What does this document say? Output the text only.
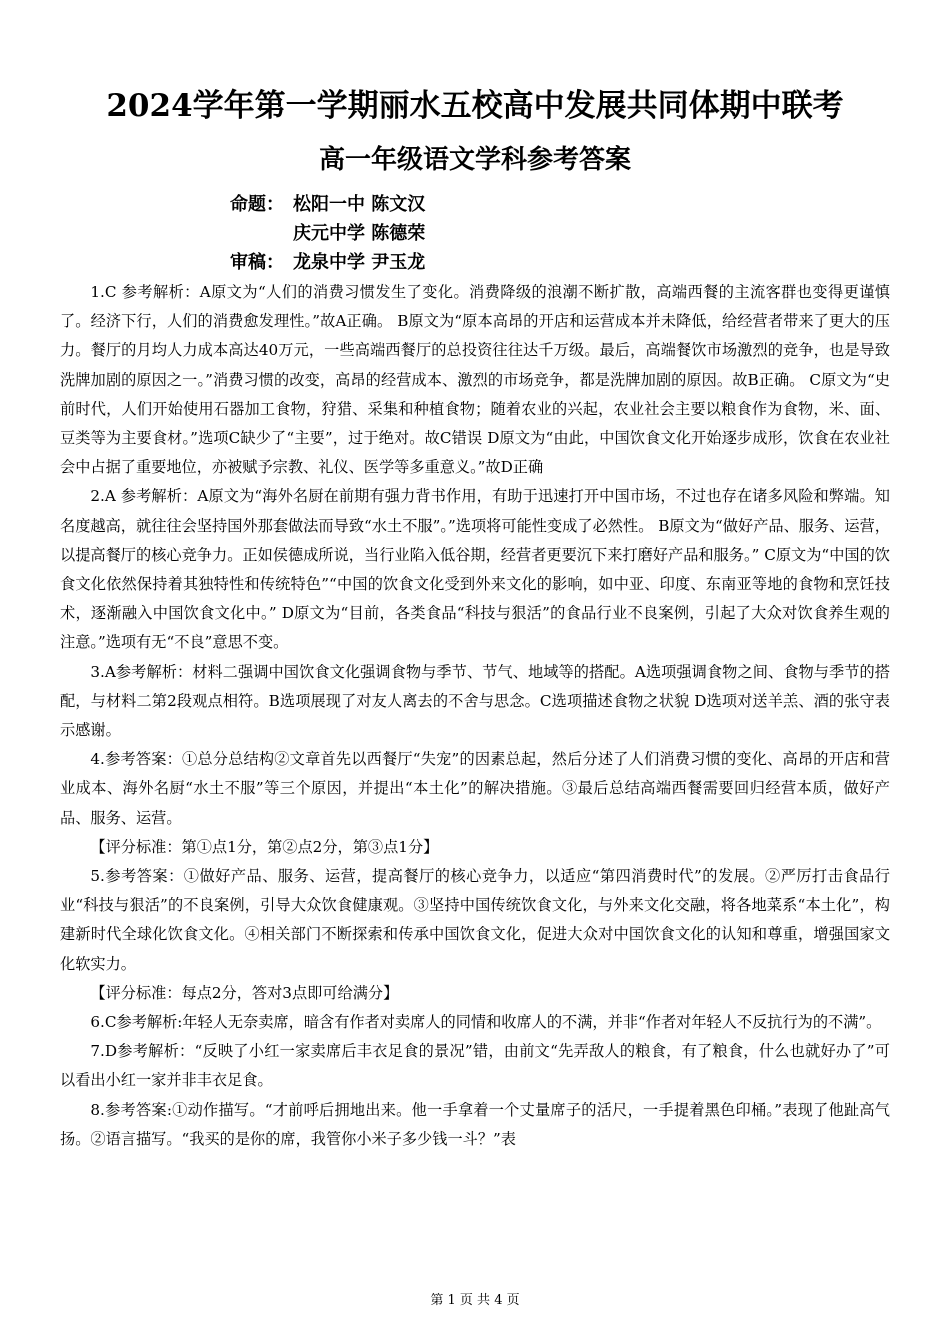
2024学年第一学期丽水五校高中发展共同体期中联考
高一年级语文学科参考答案
命题： 松阳一中 陈文汉
庆元中学 陈德荣
审稿： 龙泉中学 尹玉龙

1.C 参考解析：A原文为“人们的消费习惯发生了变化。消费降级的浪潮不断扩散，高端西餐的主流客群也变得更谨慎了。经济下行，人们的消费愈发理性。”故A正确。 B原文为“原本高昂的开店和运营成本并未降低，给经营者带来了更大的压力。餐厅的月均人力成本高达40万元，一些高端西餐厅的总投资往往达千万级。最后，高端餐饮市场激烈的竞争，也是导致洗牌加剧的原因之一。”消费习惯的改变，高昂的经营成本、激烈的市场竞争，都是洗牌加剧的原因。故B正确。 C原文为“史前时代，人们开始使用石器加工食物，狩猎、采集和种植食物；随着农业的兴起，农业社会主要以粮食作为食物，米、面、豆类等为主要食材。”选项C缺少了“主要”，过于绝对。故C错误 D原文为“由此，中国饮食文化开始逐步成形，饮食在农业社会中占据了重要地位，亦被赋予宗教、礼仪、医学等多重意义。”故D正确

2.A 参考解析：A原文为“海外名厨在前期有强力背书作用，有助于迅速打开中国市场，不过也存在诸多风险和弊端。知名度越高，就往往会坚持国外那套做法而导致“水土不服”。”选项将可能性变成了必然性。 B原文为“做好产品、服务、运营，以提高餐厅的核心竞争力。正如侯德成所说，当行业陷入低谷期，经营者更要沉下来打磨好产品和服务。” C原文为“中国的饮食文化依然保持着其独特性和传统特色”“中国的饮食文化受到外来文化的影响，如中亚、印度、东南亚等地的食物和烹饪技术，逐渐融入中国饮食文化中。” D原文为“目前，各类食品“科技与狠活”的食品行业不良案例，引起了大众对饮食养生观的注意。”选项有无“不良”意思不变。

3.A参考解析：材料二强调中国饮食文化强调食物与季节、节气、地域等的搭配。A选项强调食物之间、食物与季节的搭配，与材料二第2段观点相符。B选项展现了对友人离去的不舍与思念。C选项描述食物之状貌 D选项对送羊羔、酒的张守表示感谢。

4.参考答案：①总分总结构②文章首先以西餐厅“失宠”的因素总起，然后分述了人们消费习惯的变化、高昂的开店和营业成本、海外名厨“水土不服”等三个原因，并提出“本土化”的解决措施。③最后总结高端西餐需要回归经营本质，做好产品、服务、运营。

【评分标准：第①点1分，第②点2分，第③点1分】

5.参考答案：①做好产品、服务、运营，提高餐厅的核心竞争力，以适应“第四消费时代”的发展。②严厉打击食品行业“科技与狠活”的不良案例，引导大众饮食健康观。③坚持中国传统饮食文化，与外来文化交融，将各地菜系“本土化”，构建新时代全球化饮食文化。④相关部门不断探索和传承中国饮食文化，促进大众对中国饮食文化的认知和尊重，增强国家文化软实力。

【评分标准：每点2分，答对3点即可给满分】

6.C参考解析:年轻人无奈卖席，暗含有作者对卖席人的同情和收席人的不满，并非“作者对年轻人不反抗行为的不满”。

7.D参考解析：“反映了小红一家卖席后丰衣足食的景况”错，由前文“先弄敌人的粮食，有了粮食，什么也就好办了”可以看出小红一家并非丰衣足食。

8.参考答案:①动作描写。“才前呼后拥地出来。他一手拿着一个丈量席子的活尺，一手提着黑色印桶。”表现了他趾高气扬。②语言描写。“我买的是你的席，我管你小米子多少钱一斗？”表

第 1 页 共 4 页
